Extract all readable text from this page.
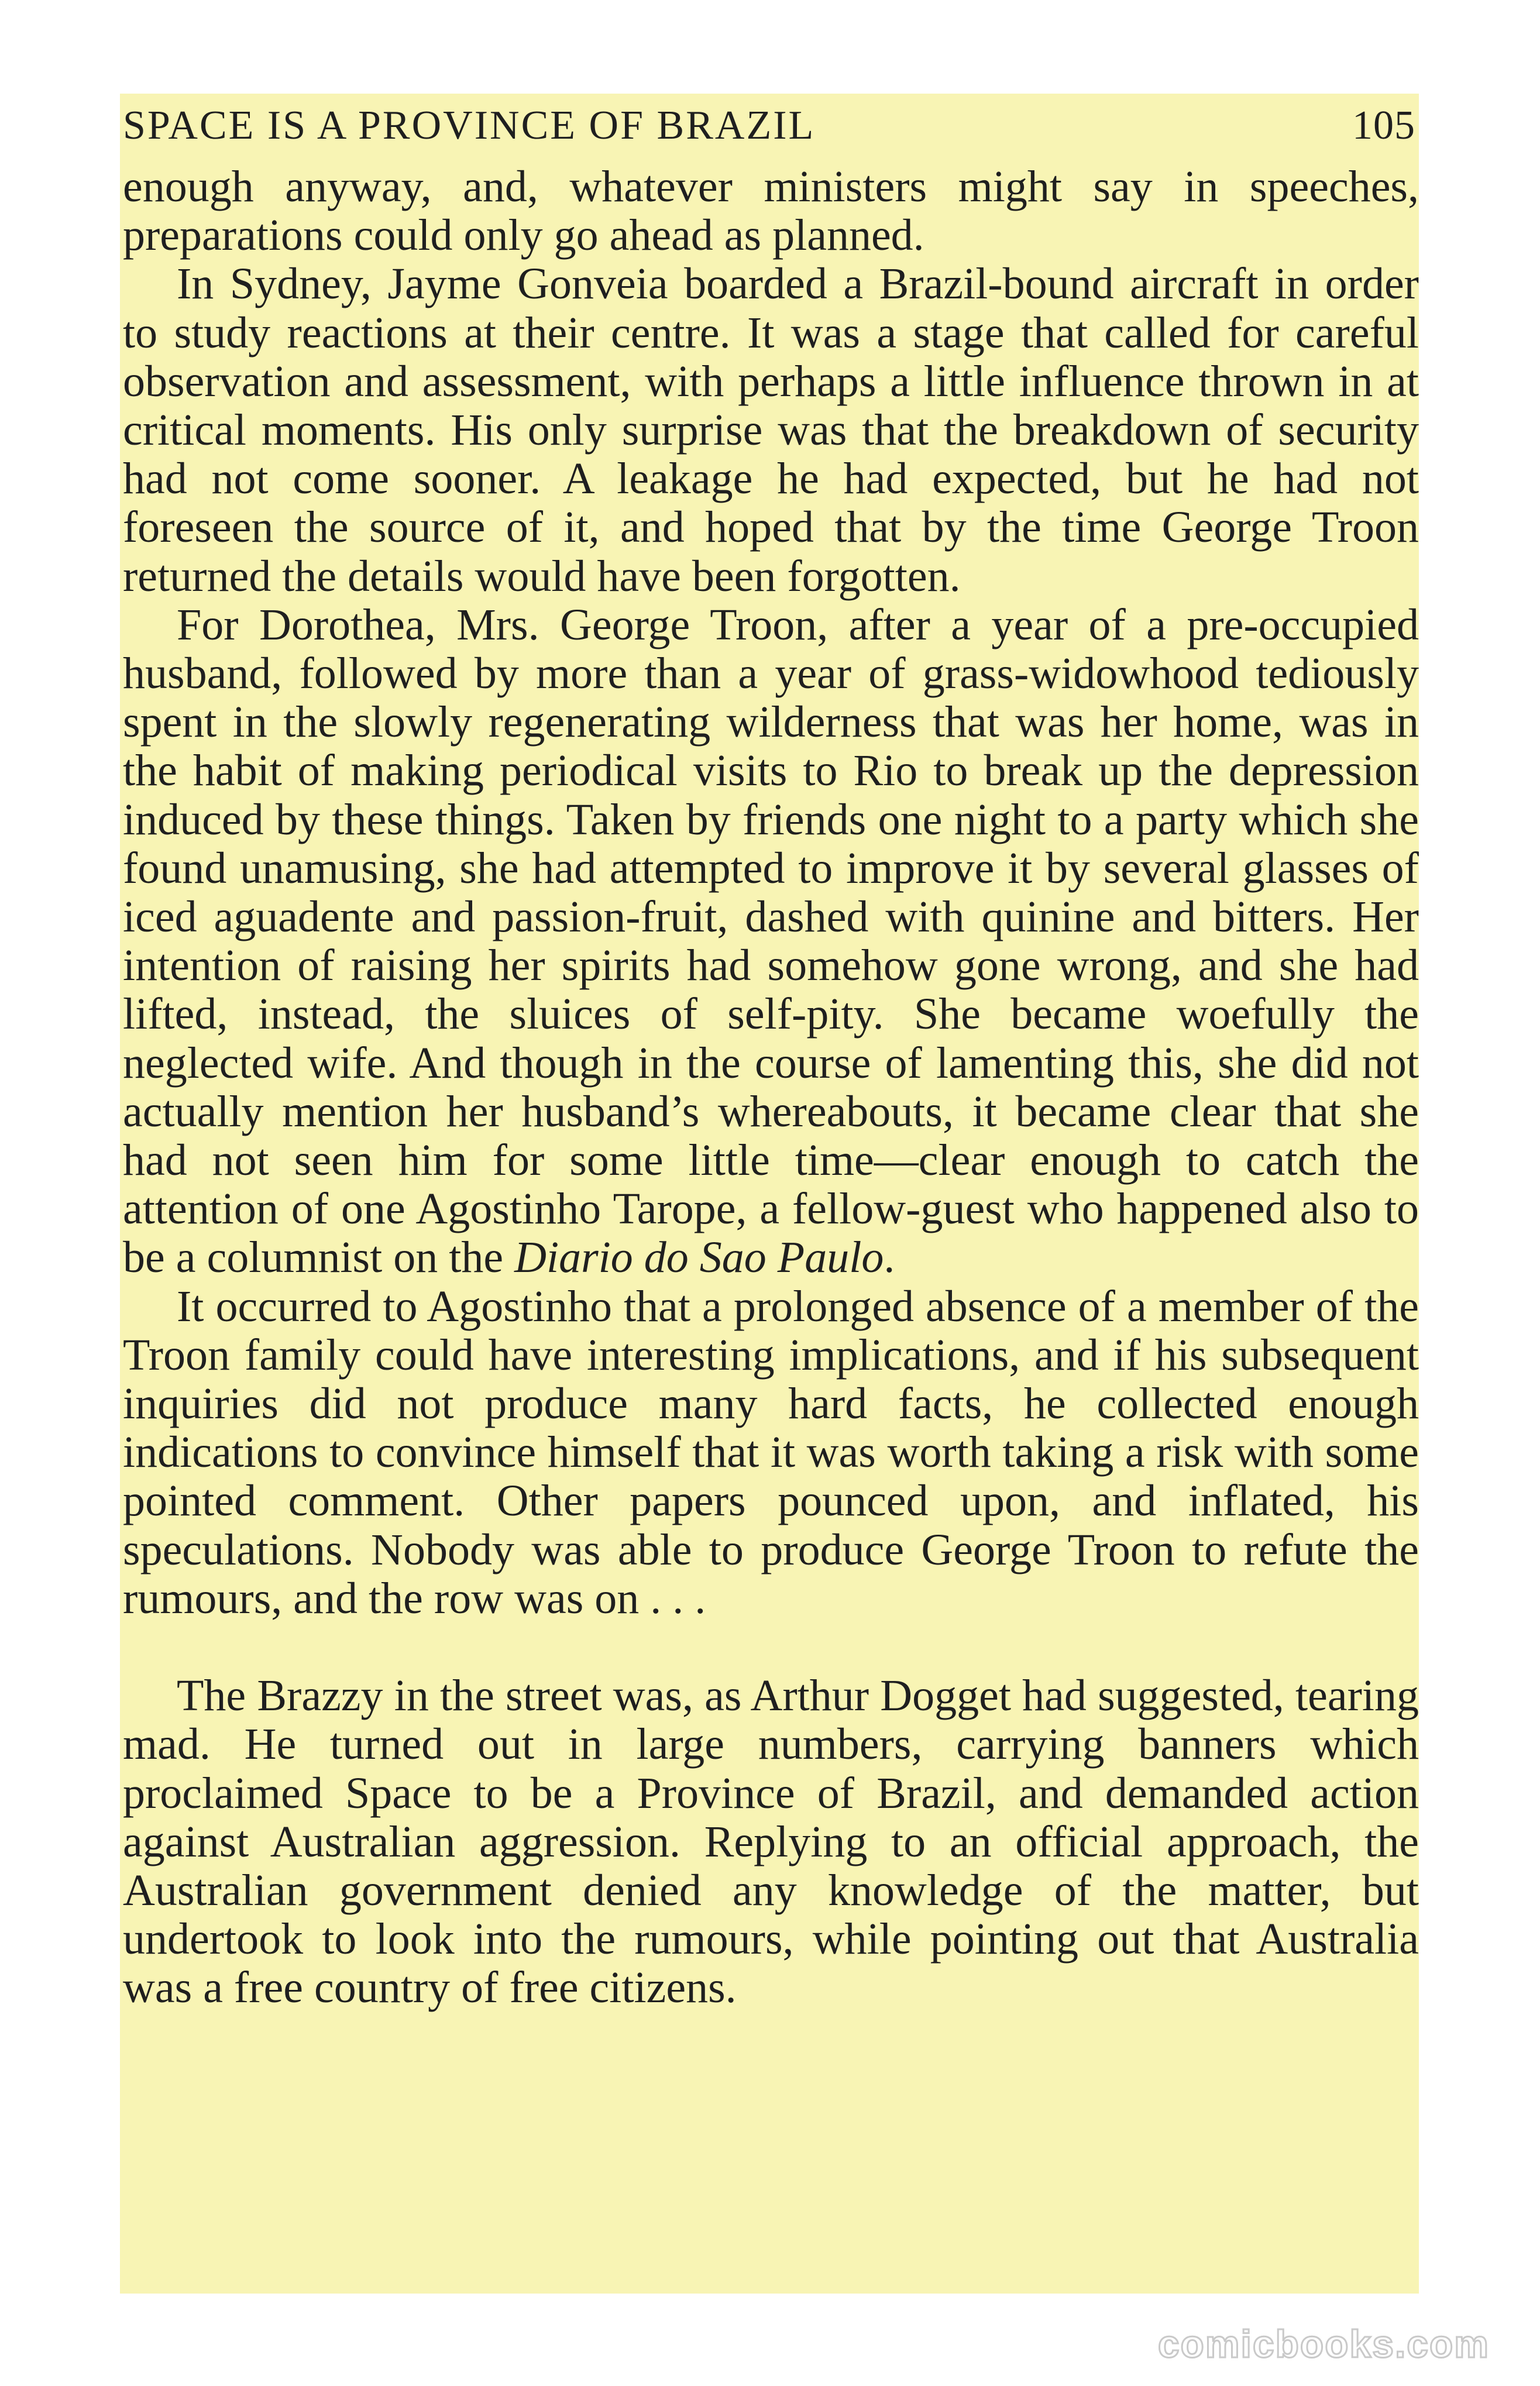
SPACE IS A PROVINCE OF BRAZIL	105

enough anyway, and, whatever ministers might say in speeches, preparations could only go ahead as planned.

In Sydney, Jayme Gonveia boarded a Brazil-bound aircraft in order to study reactions at their centre. It was a stage that called for careful observation and assessment, with perhaps a little influence thrown in at critical moments. His only surprise was that the breakdown of security had not come sooner. A leakage he had expected, but he had not foreseen the source of it, and hoped that by the time George Troon returned the details would have been forgotten.

For Dorothea, Mrs. George Troon, after a year of a pre-occupied husband, followed by more than a year of grass-widowhood tediously spent in the slowly regenerating wilderness that was her home, was in the habit of making periodical visits to Rio to break up the depression induced by these things. Taken by friends one night to a party which she found unamusing, she had attempted to improve it by several glasses of iced aguadente and passion-fruit, dashed with quinine and bitters. Her intention of raising her spirits had somehow gone wrong, and she had lifted, instead, the sluices of self-pity. She became woefully the neglected wife. And though in the course of lamenting this, she did not actually mention her husband’s whereabouts, it became clear that she had not seen him for some little time—clear enough to catch the attention of one Agostinho Tarope, a fellow-guest who happened also to be a columnist on the Diario do Sao Paulo.

It occurred to Agostinho that a prolonged absence of a member of the Troon family could have interesting implications, and if his subsequent inquiries did not produce many hard facts, he collected enough indications to convince himself that it was worth taking a risk with some pointed comment. Other papers pounced upon, and inflated, his speculations. Nobody was able to produce George Troon to refute the rumours, and the row was on . . .

The Brazzy in the street was, as Arthur Dogget had suggested, tearing mad. He turned out in large numbers, carrying banners which proclaimed Space to be a Province of Brazil, and demanded action against Australian aggression. Replying to an official approach, the Australian government denied any knowledge of the matter, but undertook to look into the rumours, while pointing out that Australia was a free country of free citizens.

comicbooks.com
